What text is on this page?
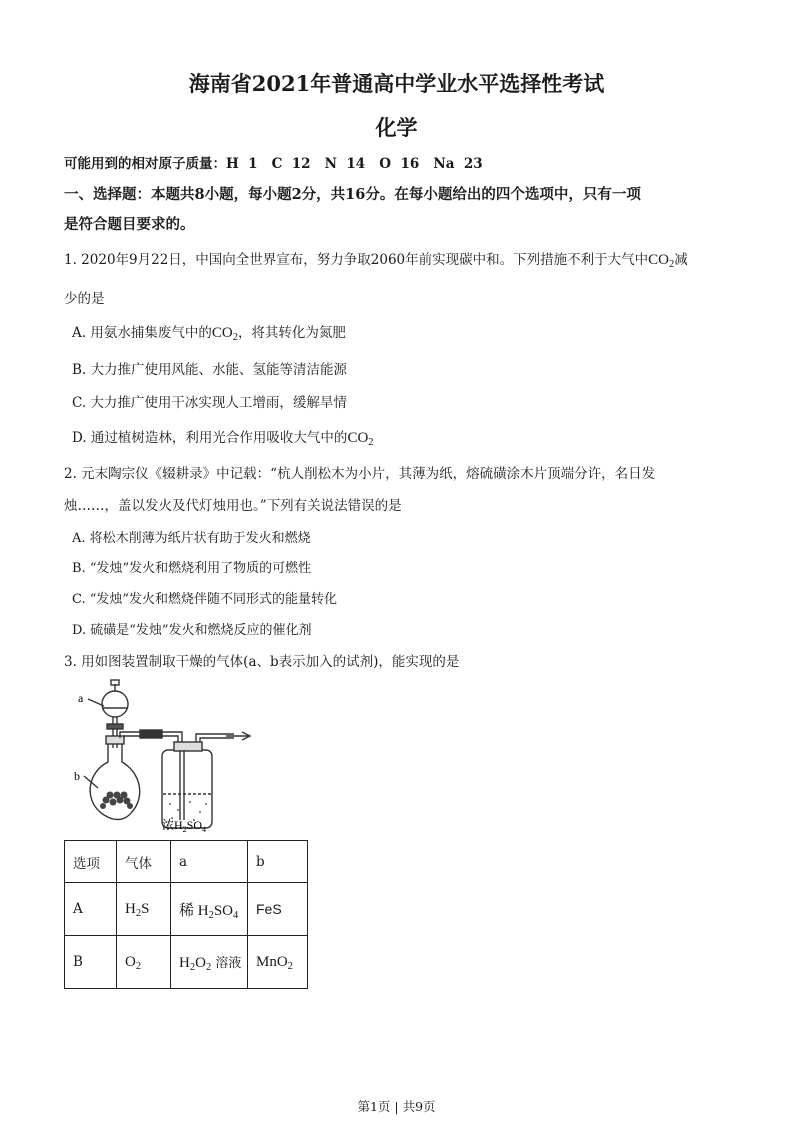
海南省2021年普通高中学业水平选择性考试
化学
可能用到的相对原子质量：H  1   C  12   N  14   O  16   Na  23
一、选择题：本题共8小题，每小题2分，共16分。在每小题给出的四个选项中，只有一项
是符合题目要求的。
1. 2020年9月22日，中国向全世界宣布，努力争取2060年前实现碳中和。下列措施不利于大气中$CO_2$减
少的是
A. 用氨水捕集废气中的$CO_2$，将其转化为氮肥
B. 大力推广使用风能、水能、氢能等清洁能源
C. 大力推广使用干冰实现人工增雨，缓解旱情
D. 通过植树造林，利用光合作用吸收大气中的$CO_2$
2. 元末陶宗仪《辍耕录》中记载：“杭人削松木为小片，其薄为纸，熔硫磺涂木片顶端分许，名日发
烛……，盖以发火及代灯烛用也。”下列有关说法错误的是
A. 将松木削薄为纸片状有助于发火和燃烧
B. “发烛”发火和燃烧利用了物质的可燃性
C. “发烛”发火和燃烧伴随不同形式的能量转化
D. 硫磺是“发烛”发火和燃烧反应的催化剂
3. 用如图装置制取干燥的气体(a、b表示加入的试剂)，能实现的是
a
b
浓$H_2SO_4$
选项	气体	a	b
A	$H_2S$	稀 $H_2SO_4$	FeS
B	$O_2$	$H_2O_2$ 溶液	MnO$_2$
第1页 | 共9页
